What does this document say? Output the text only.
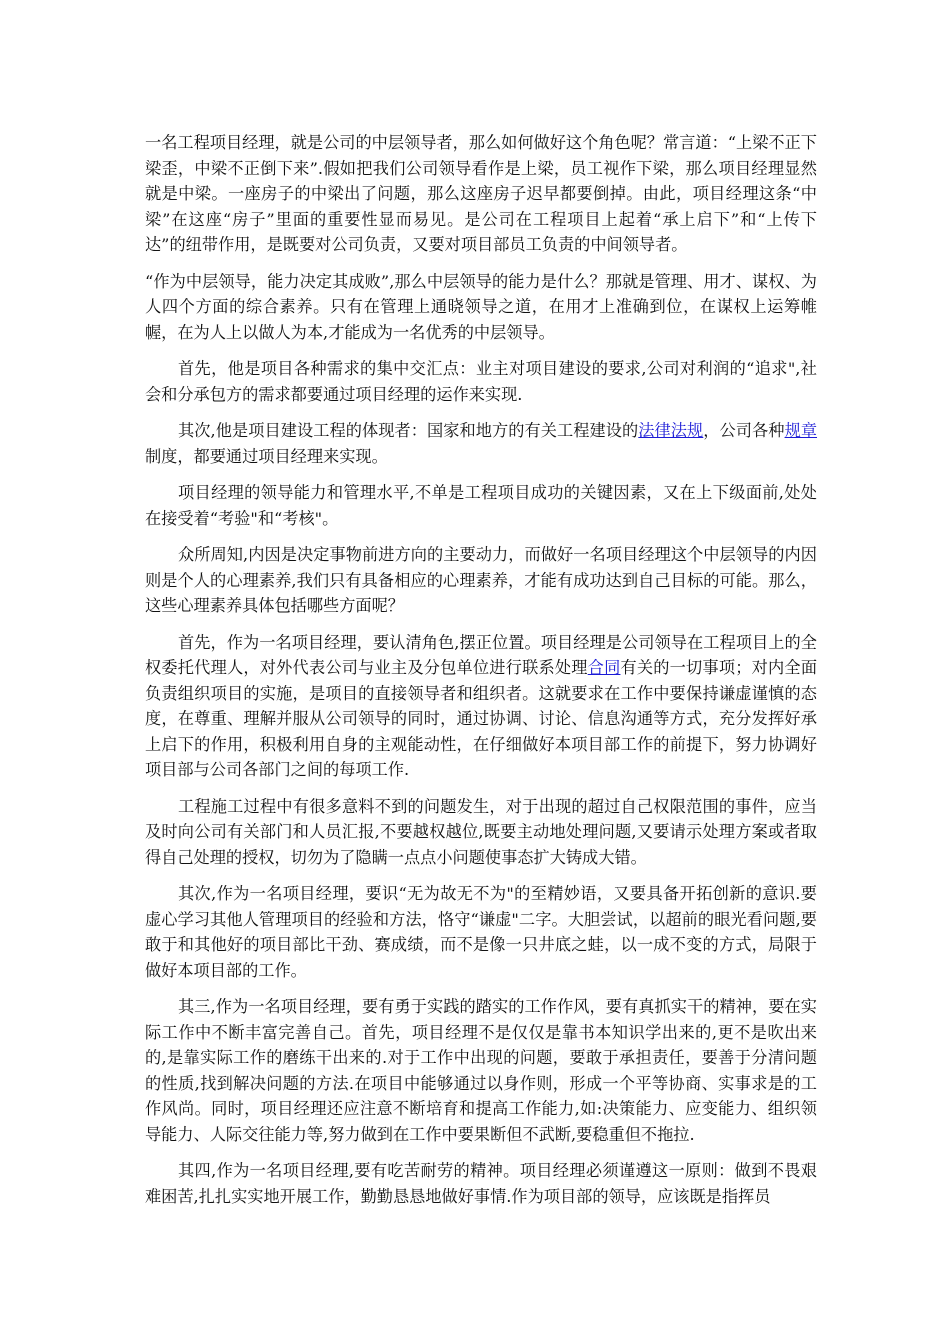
一名工程项目经理，就是公司的中层领导者，那么如何做好这个角色呢？常言道：“上梁不正下梁歪，中梁不正倒下来”.假如把我们公司领导看作是上梁，员工视作下梁，那么项目经理显然就是中梁。一座房子的中梁出了问题，那么这座房子迟早都要倒掉。由此，项目经理这条“中梁”在这座“房子”里面的重要性显而易见。是公司在工程项目上起着“承上启下”和“上传下达”的纽带作用，是既要对公司负责，又要对项目部员工负责的中间领导者。

“作为中层领导，能力决定其成败”,那么中层领导的能力是什么？那就是管理、用才、谋权、为人四个方面的综合素养。只有在管理上通晓领导之道，在用才上准确到位，在谋权上运筹帷幄，在为人上以做人为本,才能成为一名优秀的中层领导。

首先，他是项目各种需求的集中交汇点：业主对项目建设的要求,公司对利润的“追求",社会和分承包方的需求都要通过项目经理的运作来实现.

其次,他是项目建设工程的体现者：国家和地方的有关工程建设的法律法规，公司各种规章制度，都要通过项目经理来实现。

项目经理的领导能力和管理水平,不单是工程项目成功的关键因素，又在上下级面前,处处在接受着“考验"和“考核"。

众所周知,内因是决定事物前进方向的主要动力，而做好一名项目经理这个中层领导的内因则是个人的心理素养,我们只有具备相应的心理素养，才能有成功达到自己目标的可能。那么，这些心理素养具体包括哪些方面呢？

首先，作为一名项目经理，要认清角色,摆正位置。项目经理是公司领导在工程项目上的全权委托代理人，对外代表公司与业主及分包单位进行联系处理合同有关的一切事项；对内全面负责组织项目的实施，是项目的直接领导者和组织者。这就要求在工作中要保持谦虚谨慎的态度，在尊重、理解并服从公司领导的同时，通过协调、讨论、信息沟通等方式，充分发挥好承上启下的作用，积极利用自身的主观能动性，在仔细做好本项目部工作的前提下，努力协调好项目部与公司各部门之间的每项工作.

工程施工过程中有很多意料不到的问题发生，对于出现的超过自己权限范围的事件，应当及时向公司有关部门和人员汇报,不要越权越位,既要主动地处理问题,又要请示处理方案或者取得自己处理的授权，切勿为了隐瞒一点点小问题使事态扩大铸成大错。

其次,作为一名项目经理，要识“无为故无不为"的至精妙语，又要具备开拓创新的意识.要虚心学习其他人管理项目的经验和方法，恪守“谦虚"二字。大胆尝试，以超前的眼光看问题,要敢于和其他好的项目部比干劲、赛成绩，而不是像一只井底之蛙，以一成不变的方式，局限于做好本项目部的工作。

其三,作为一名项目经理，要有勇于实践的踏实的工作作风，要有真抓实干的精神，要在实际工作中不断丰富完善自己。首先，项目经理不是仅仅是靠书本知识学出来的,更不是吹出来的,是靠实际工作的磨练干出来的.对于工作中出现的问题，要敢于承担责任，要善于分清问题的性质,找到解决问题的方法.在项目中能够通过以身作则，形成一个平等协商、实事求是的工作风尚。同时，项目经理还应注意不断培育和提高工作能力,如:决策能力、应变能力、组织领导能力、人际交往能力等,努力做到在工作中要果断但不武断,要稳重但不拖拉.

其四,作为一名项目经理,要有吃苦耐劳的精神。项目经理必须谨遵这一原则：做到不畏艰难困苦,扎扎实实地开展工作，勤勤恳恳地做好事情.作为项目部的领导，应该既是指挥员
